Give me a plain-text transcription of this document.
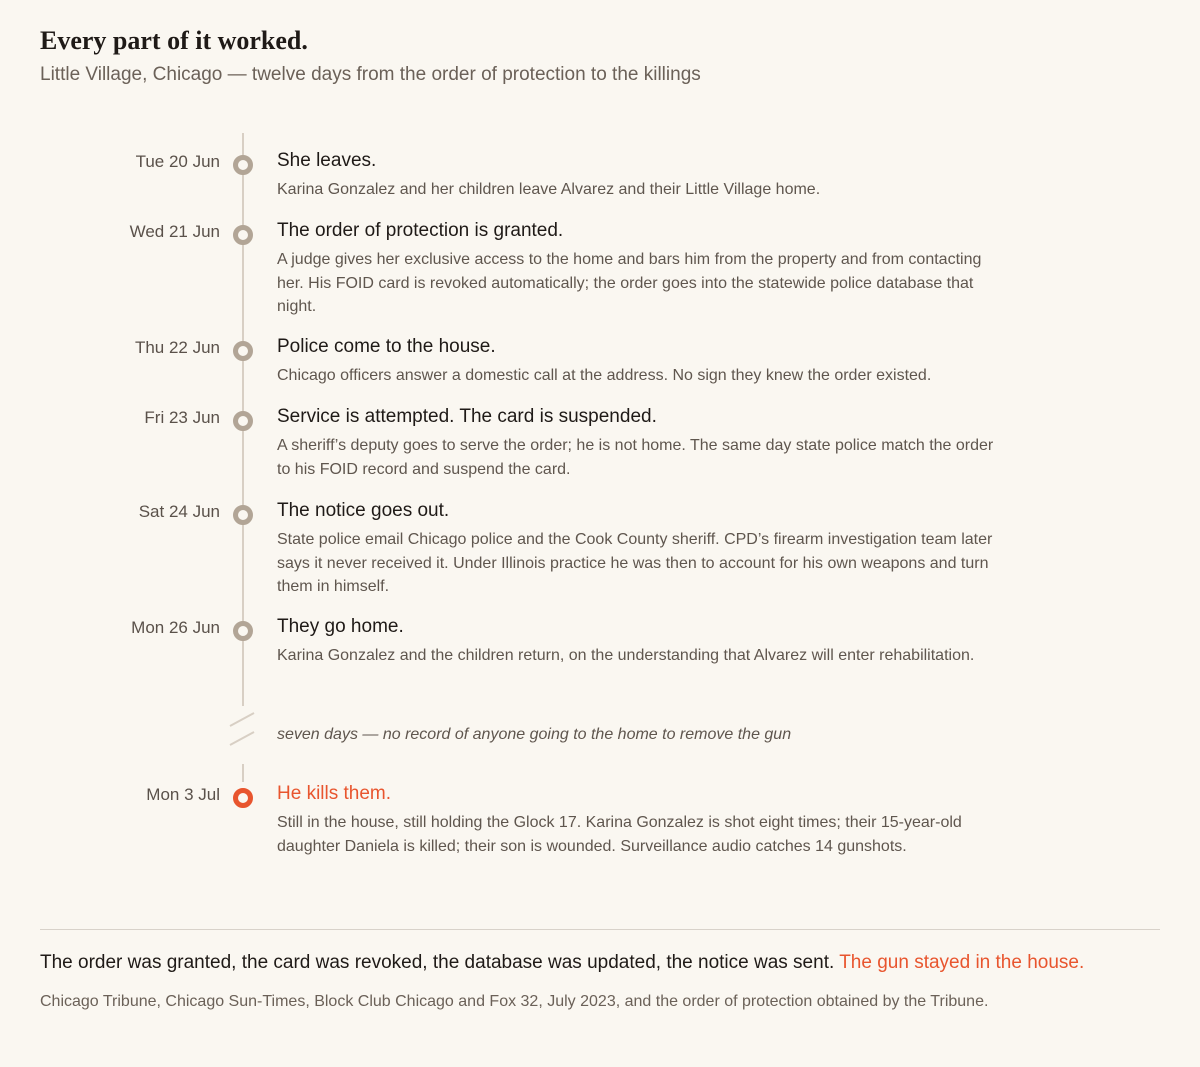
Every part of it worked.

Little Village, Chicago — twelve days from the order of protection to the killings

Tue 20 Jun	She leaves.
Karina Gonzalez and her children leave Alvarez and their Little Village home.
Wed 21 Jun	The order of protection is granted.
A judge gives her exclusive access to the home and bars him from the property and from contacting her. His FOID card is revoked automatically; the order goes into the statewide police database that night.
Thu 22 Jun	Police come to the house.
Chicago officers answer a domestic call at the address. No sign they knew the order existed.
Fri 23 Jun	Service is attempted. The card is suspended.
A sheriff’s deputy goes to serve the order; he is not home. The same day state police match the order to his FOID record and suspend the card.
Sat 24 Jun	The notice goes out.
State police email Chicago police and the Cook County sheriff. CPD’s firearm investigation team later says it never received it. Under Illinois practice he was then to account for his own weapons and turn them in himself.
Mon 26 Jun	They go home.
Karina Gonzalez and the children return, on the understanding that Alvarez will enter rehabilitation.
seven days — no record of anyone going to the home to remove the gun
Mon 3 Jul	He kills them.
Still in the house, still holding the Glock 17. Karina Gonzalez is shot eight times; their 15-year-old daughter Daniela is killed; their son is wounded. Surveillance audio catches 14 gunshots.
The order was granted, the card was revoked, the database was updated, the notice was sent. The gun stayed in the house.
Chicago Tribune, Chicago Sun-Times, Block Club Chicago and Fox 32, July 2023, and the order of protection obtained by the Tribune.
